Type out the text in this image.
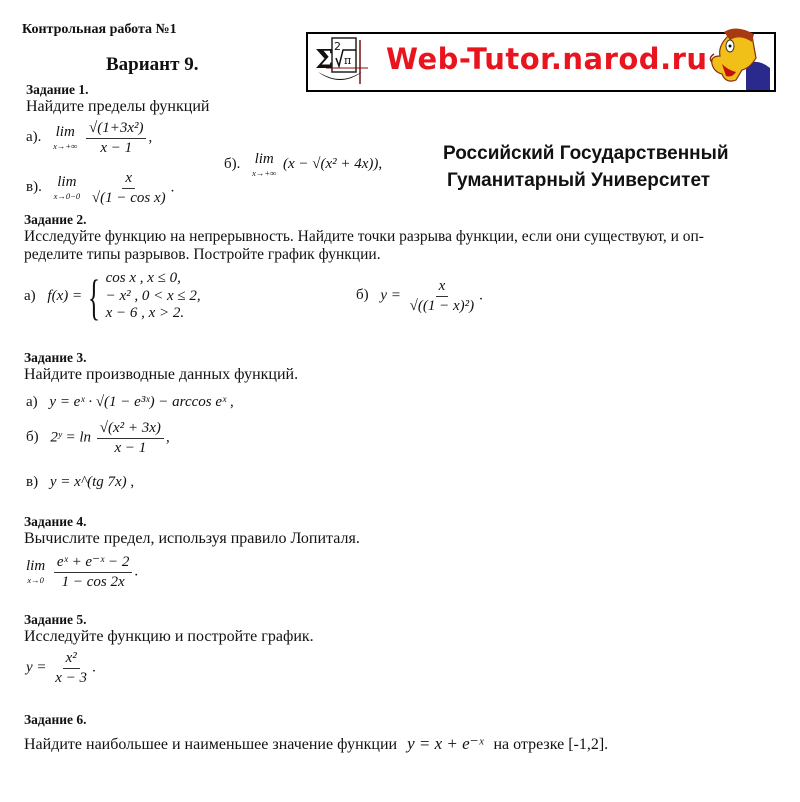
Контрольная работа №1
Вариант 9.	Σ 2
π Web-Tutor.narod.ru
Российский Государственный
Гуманитарный Университет
Задание 1.
Найдите пределы функций
а). lim
x→+∞
$\frac{\text{√(1+3x²)}}{x - 1}$ ,
б). lim
x→+∞
(x − √(x² + 4x)),
в). lim
x→0−0
$\frac{x}{\text{√(1 − cos x)}}$ .
Задание 2.
Исследуйте функцию на непрерывность. Найдите точки разрыва функции, если они существуют, и оп-
ределите типы разрывов. Постройте график функции.
а) f(x) = { cos x , x ≤ 0,
− x² , 0 < x ≤ 2,
x − 6 , x > 2.
б) $y = \frac{x}{\text{√((1 − x)²)}}$ .
Задание 3.
Найдите производные данных функций.
а) y = eˣ · √(1 − e³ˣ) − arccos eˣ ,
б) 2ʸ = $\ln \frac{\text{√(x² + 3x)}}{x - 1}$ ,
в) y = x^(tg 7x) ,
Задание 4.
Вычислите предел, используя правило Лопиталя.
lim
x→0
$\frac{\text{eˣ + e⁻ˣ − 2}}{1 - \cos 2x}$ .
Задание 5.
Исследуйте функцию и постройте график.
$y = \frac{\text{x²}}{x - 3}$ .
Задание 6.
Найдите наибольшее и наименьшее значение функции y = x + e⁻ˣ на отрезке [-1,2].
